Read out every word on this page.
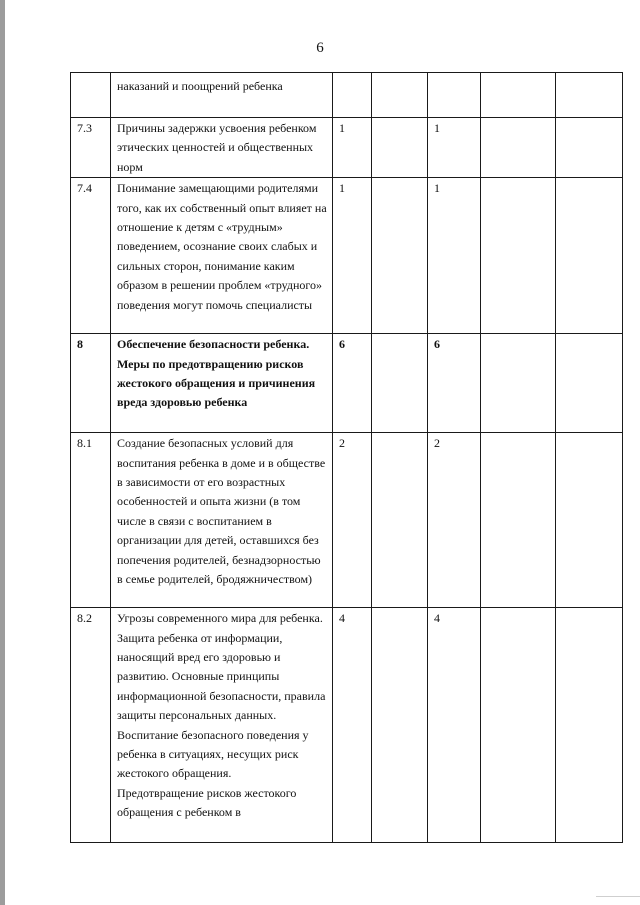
6
	наказаний и поощрений ребенка					
7.3	Причины задержки усвоения ребенком этических ценностей и общественных норм	1		1		
7.4	Понимание замещающими родителями того, как их собственный опыт влияет на отношение к детям с «трудным» поведением, осознание своих слабых и сильных сторон, понимание каким образом в решении проблем «трудного» поведения могут помочь специалисты	1		1		
8	Обеспечение безопасности ребенка. Меры по предотвращению рисков жестокого обращения и причинения вреда здоровью ребенка	6		6		
8.1	Создание безопасных условий для воспитания ребенка в доме и в обществе в зависимости от его возрастных особенностей и опыта жизни (в том числе в связи с воспитанием в организации для детей, оставшихся без попечения родителей, безнадзорностью в семье родителей, бродяжничеством)	2		2		
8.2	Угрозы современного мира для ребенка. Защита ребенка от информации, наносящий вред его здоровью и развитию. Основные принципы информационной безопасности, правила защиты персональных данных.
Воспитание безопасного поведения у ребенка в ситуациях, несущих риск жестокого обращения.
Предотвращение рисков жестокого обращения с ребенком в	4		4		
